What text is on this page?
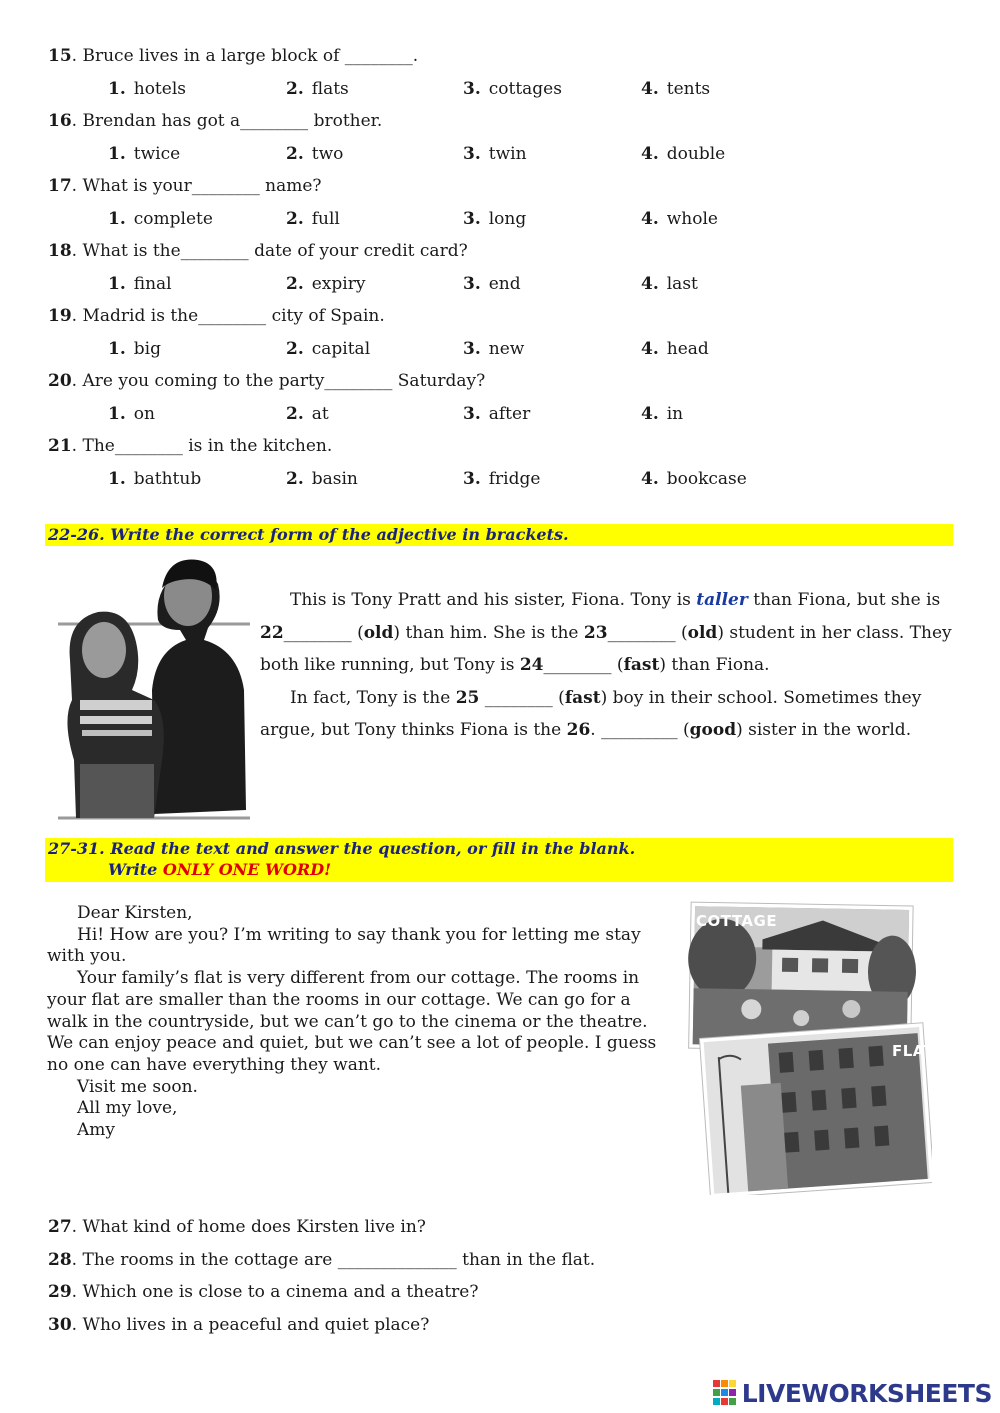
15. Bruce lives in a large block of ________.
1. hotels	2. flats	3. cottages	4. tents
16. Brendan has got a________ brother.
1. twice	2. two	3. twin	4. double
17. What is your________ name?
1. complete	2. full	3. long	4. whole
18. What is the________ date of your credit card?
1. final	2. expiry	3. end	4. last
19. Madrid is the________ city of Spain.
1. big	2. capital	3. new	4. head
20. Are you coming to the party________ Saturday?
1. on	2. at	3. after	4. in
21. The________ is in the kitchen.
1. bathtub	2. basin	3. fridge	4. bookcase
22-26. Write the correct form of the adjective in brackets.
This is Tony Pratt and his sister, Fiona. Tony is taller than Fiona, but she is 22________ (old) than him. She is the 23________ (old) student in her class. They both like running, but Tony is 24________ (fast) than Fiona.
In fact, Tony is the 25 ________ (fast) boy in their school. Sometimes they argue, but Tony thinks Fiona is the 26. _________ (good) sister in the world.
27-31. Read the text and answer the question, or fill in the blank.
Write ONLY ONE WORD!

Dear Kirsten,

Hi! How are you? I’m writing to say thank you for letting me stay with you.

Your family’s flat is very different from our cottage. The rooms in your flat are smaller than the rooms in our cottage. We can go for a walk in the countryside, but we can’t go to the cinema or the theatre. We can enjoy peace and quiet, but we can’t see a lot of people. I guess no one can have everything they want.

Visit me soon.

All my love,

Amy

COTTAGE
FLAT
27. What kind of home does Kirsten live in?
28. The rooms in the cottage are ______________ than in the flat.
29. Which one is close to a cinema and a theatre?
30. Who lives in a peaceful and quiet place?
LIVEWORKSHEETS
